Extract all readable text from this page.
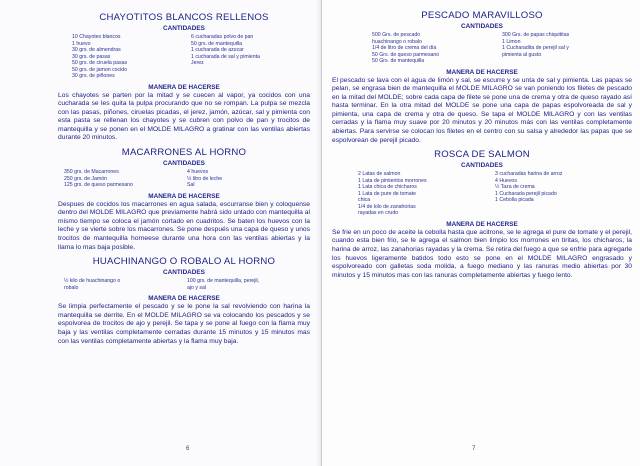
CHAYOTITOS BLANCOS RELLENOS

CANTIDADES

10 Chayotes blancos
1 huevo
30 grs. de almendras
30 grs. de pasas
50 grs. de ciruela pasas
50 grs. de jamon cocido
30 grs. de piñones
6 cucharadas polvo de pan
50 grs. de mantequilla
1 cucharada de azucar
1 cucharada de sal y pimienta
Jerez

MANERA DE HACERSE

Los chayotes se parten por la mitad y se cuecen al vapor, ya cocidos con una cucharada se les quita la pulpa procurando que no se rompan. La pulpa se mezcla con las pasas, piñones, ciruelas picadas, el jerez, jamón, azúcar, sal y pimienta con esta pasta se rellenan los chayotes y se cubren con polvo de pan y trocitos de mantequilla y se ponen en el MOLDE MILAGRO a gratinar con las ventilas abiertas durante 20 minutos.

MACARRONES AL HORNO

CANTIDADES

350 grs. de Macarrones
250 grs. de Jamón
125 grs. de queso parmesano
4 huevos
½ litro de leche
Sal

MANERA DE HACERSE

Despues de cocidos los macarrones en agua salada, escurranse bien y coloquense dentro del MOLDE MILAGRO que previamente habrá sido untado con mantequilla al mismo tiempo se coloca el jamón cortado en cuadritos. Se baten los huevos con la leche y se vierte sobre los macarrones. Se pone después una capa de queso y unos trocitos de mantequilla horneese durante una hora con las ventilas abiertas y la llama lo mas baja posible.

HUACHINANGO O ROBALO AL HORNO

CANTIDADES

½ kilo de huachinango o
robalo
100 grs. de mantequilla, perejil,
ajo y sal

MANERA DE HACERSE

Se limpia perfectamente el pescado y se le pone la sal revolviendo con harina la mantequilla se derrite. En el MOLDE MILAGRO se va colocando los pescados y se espolvorea de trocitos de ajo y perejil. Se tapa y se pone al fuego con la flama muy baja y las ventilas completamente cerradas durante 15 minutos y 15 minutos mas con las ventilas completamente abiertas y la flama muy baja.

6

PESCADO MARAVILLOSO

CANTIDADES

500 Grs. de pescado
huachinango o robalo
1/4 de litro de crema del día
50 Grs. de queso parmesano
50 Grs. de mantequilla
300 Grs. de papas chiquititas
1 Limon
1 Cucharadita de perejil sal y
pimienta al gusto

MANERA DE HACERSE

El pescado se lava con el agua de limón y sal, se escurre y se unta de sal y pimienta. Las papas se pelan, se engrasa bien de mantequilla el MOLDE MILAGRO se van poniendo los filetes de pescado en la mitad del MOLDE; sobre cada capa de filete se pone una de crema y otra de queso rayado así hasta terminar. En la otra mitad del MOLDE se pone una capa de papas espolvoreada de sal y pimienta, una capa de crema y otra de queso. Se tapa el MOLDE MILAGRO y con las ventilas cerradas y la flama muy suave por 20 minutos y 20 minutos más con las ventilas completamente abiertas. Para servirse se colocan los filetes en el centro con su salsa y alrededor las papas que se espolvorean de perejil picado.

ROSCA DE SALMON

CANTIDADES

2 Latas de salmon
1 Lata de pimientos morrones
1 Lata chica de chicharos
1 Lata de pure de tomate
chica
1/4 de kilo de zanahorias
rayadas en crudo
3 cucharadas harina de arroz
4 Huevos
½ Taza de crema
1 Cucharada perejil picado
1 Cebolla picada

MANERA DE HACERSE

Se frie en un poco de aceite la cebolla hasta que acitrone, se le agrega el pure de tomate y el perejil, cuando esta bien frio, se le agrega el salmon bien limpio los morrones en tiritas, los chicharos, la harina de arroz, las zanahorias rayadas y la crema. Se retira del fuego a que se enfrie para agregarle los huevos ligeramente batidos todo esto se pone en el MOLDE MILAGRO engrasado y espolvoreado con galletas soda molida, a fuego mediano y las ranuras medio abiertas por 30 minutos y 15 minutos mas con las ranuras completamente abiertas y fuego lento.

7
